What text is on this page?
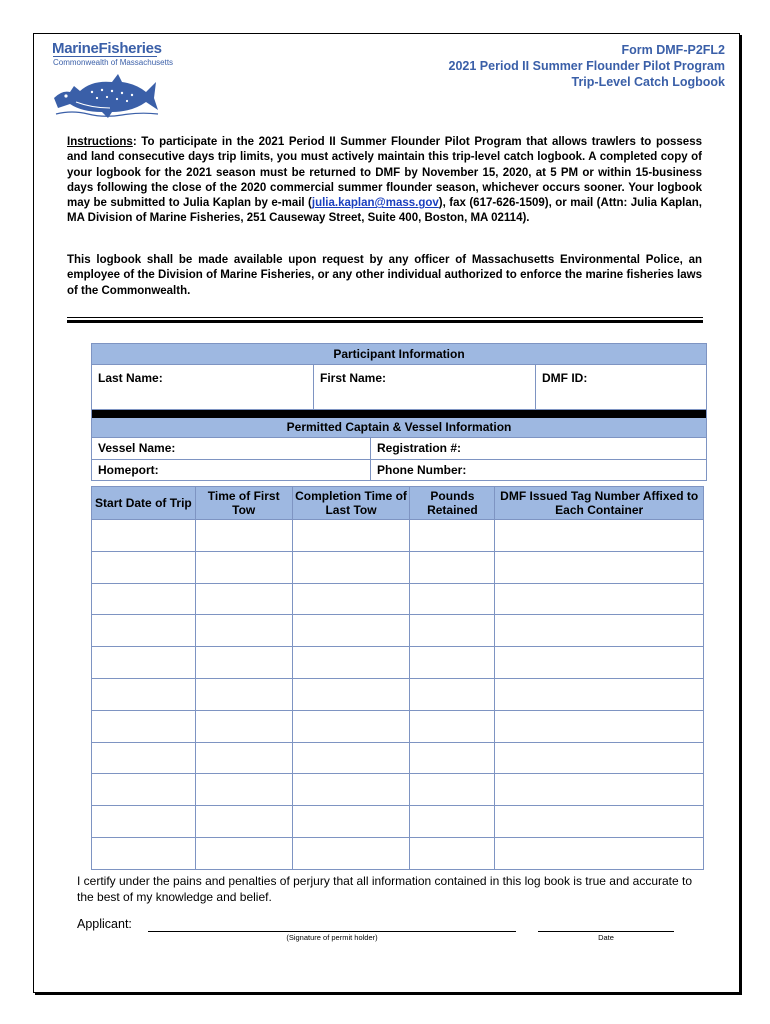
MarineFisheries
Commonwealth of Massachusetts
Form DMF-P2FL2
2021 Period II Summer Flounder Pilot Program
Trip-Level Catch Logbook
Instructions: To participate in the 2021 Period II Summer Flounder Pilot Program that allows trawlers to possess and land consecutive days trip limits, you must actively maintain this trip-level catch logbook. A completed copy of your logbook for the 2021 season must be returned to DMF by November 15, 2020, at 5 PM or within 15-business days following the close of the 2020 commercial summer flounder season, whichever occurs sooner. Your logbook may be submitted to Julia Kaplan by e-mail (julia.kaplan@mass.gov), fax (617-626-1509), or mail (Attn: Julia Kaplan, MA Division of Marine Fisheries, 251 Causeway Street, Suite 400, Boston, MA 02114).
This logbook shall be made available upon request by any officer of Massachusetts Environmental Police, an employee of the Division of Marine Fisheries, or any other individual authorized to enforce the marine fisheries laws of the Commonwealth.
Participant Information
Last Name:	First Name:	DMF ID:
Permitted Captain & Vessel Information
Vessel Name:	Registration #:
Homeport:	Phone Number:
Start Date of Trip	Time of First Tow	Completion Time of Last Tow	Pounds Retained	DMF Issued Tag Number Affixed to Each Container

I certify under the pains and penalties of perjury that all information contained in this log book is true and accurate to the best of my knowledge and belief.
Applicant:
(Signature of permit holder)	Date
